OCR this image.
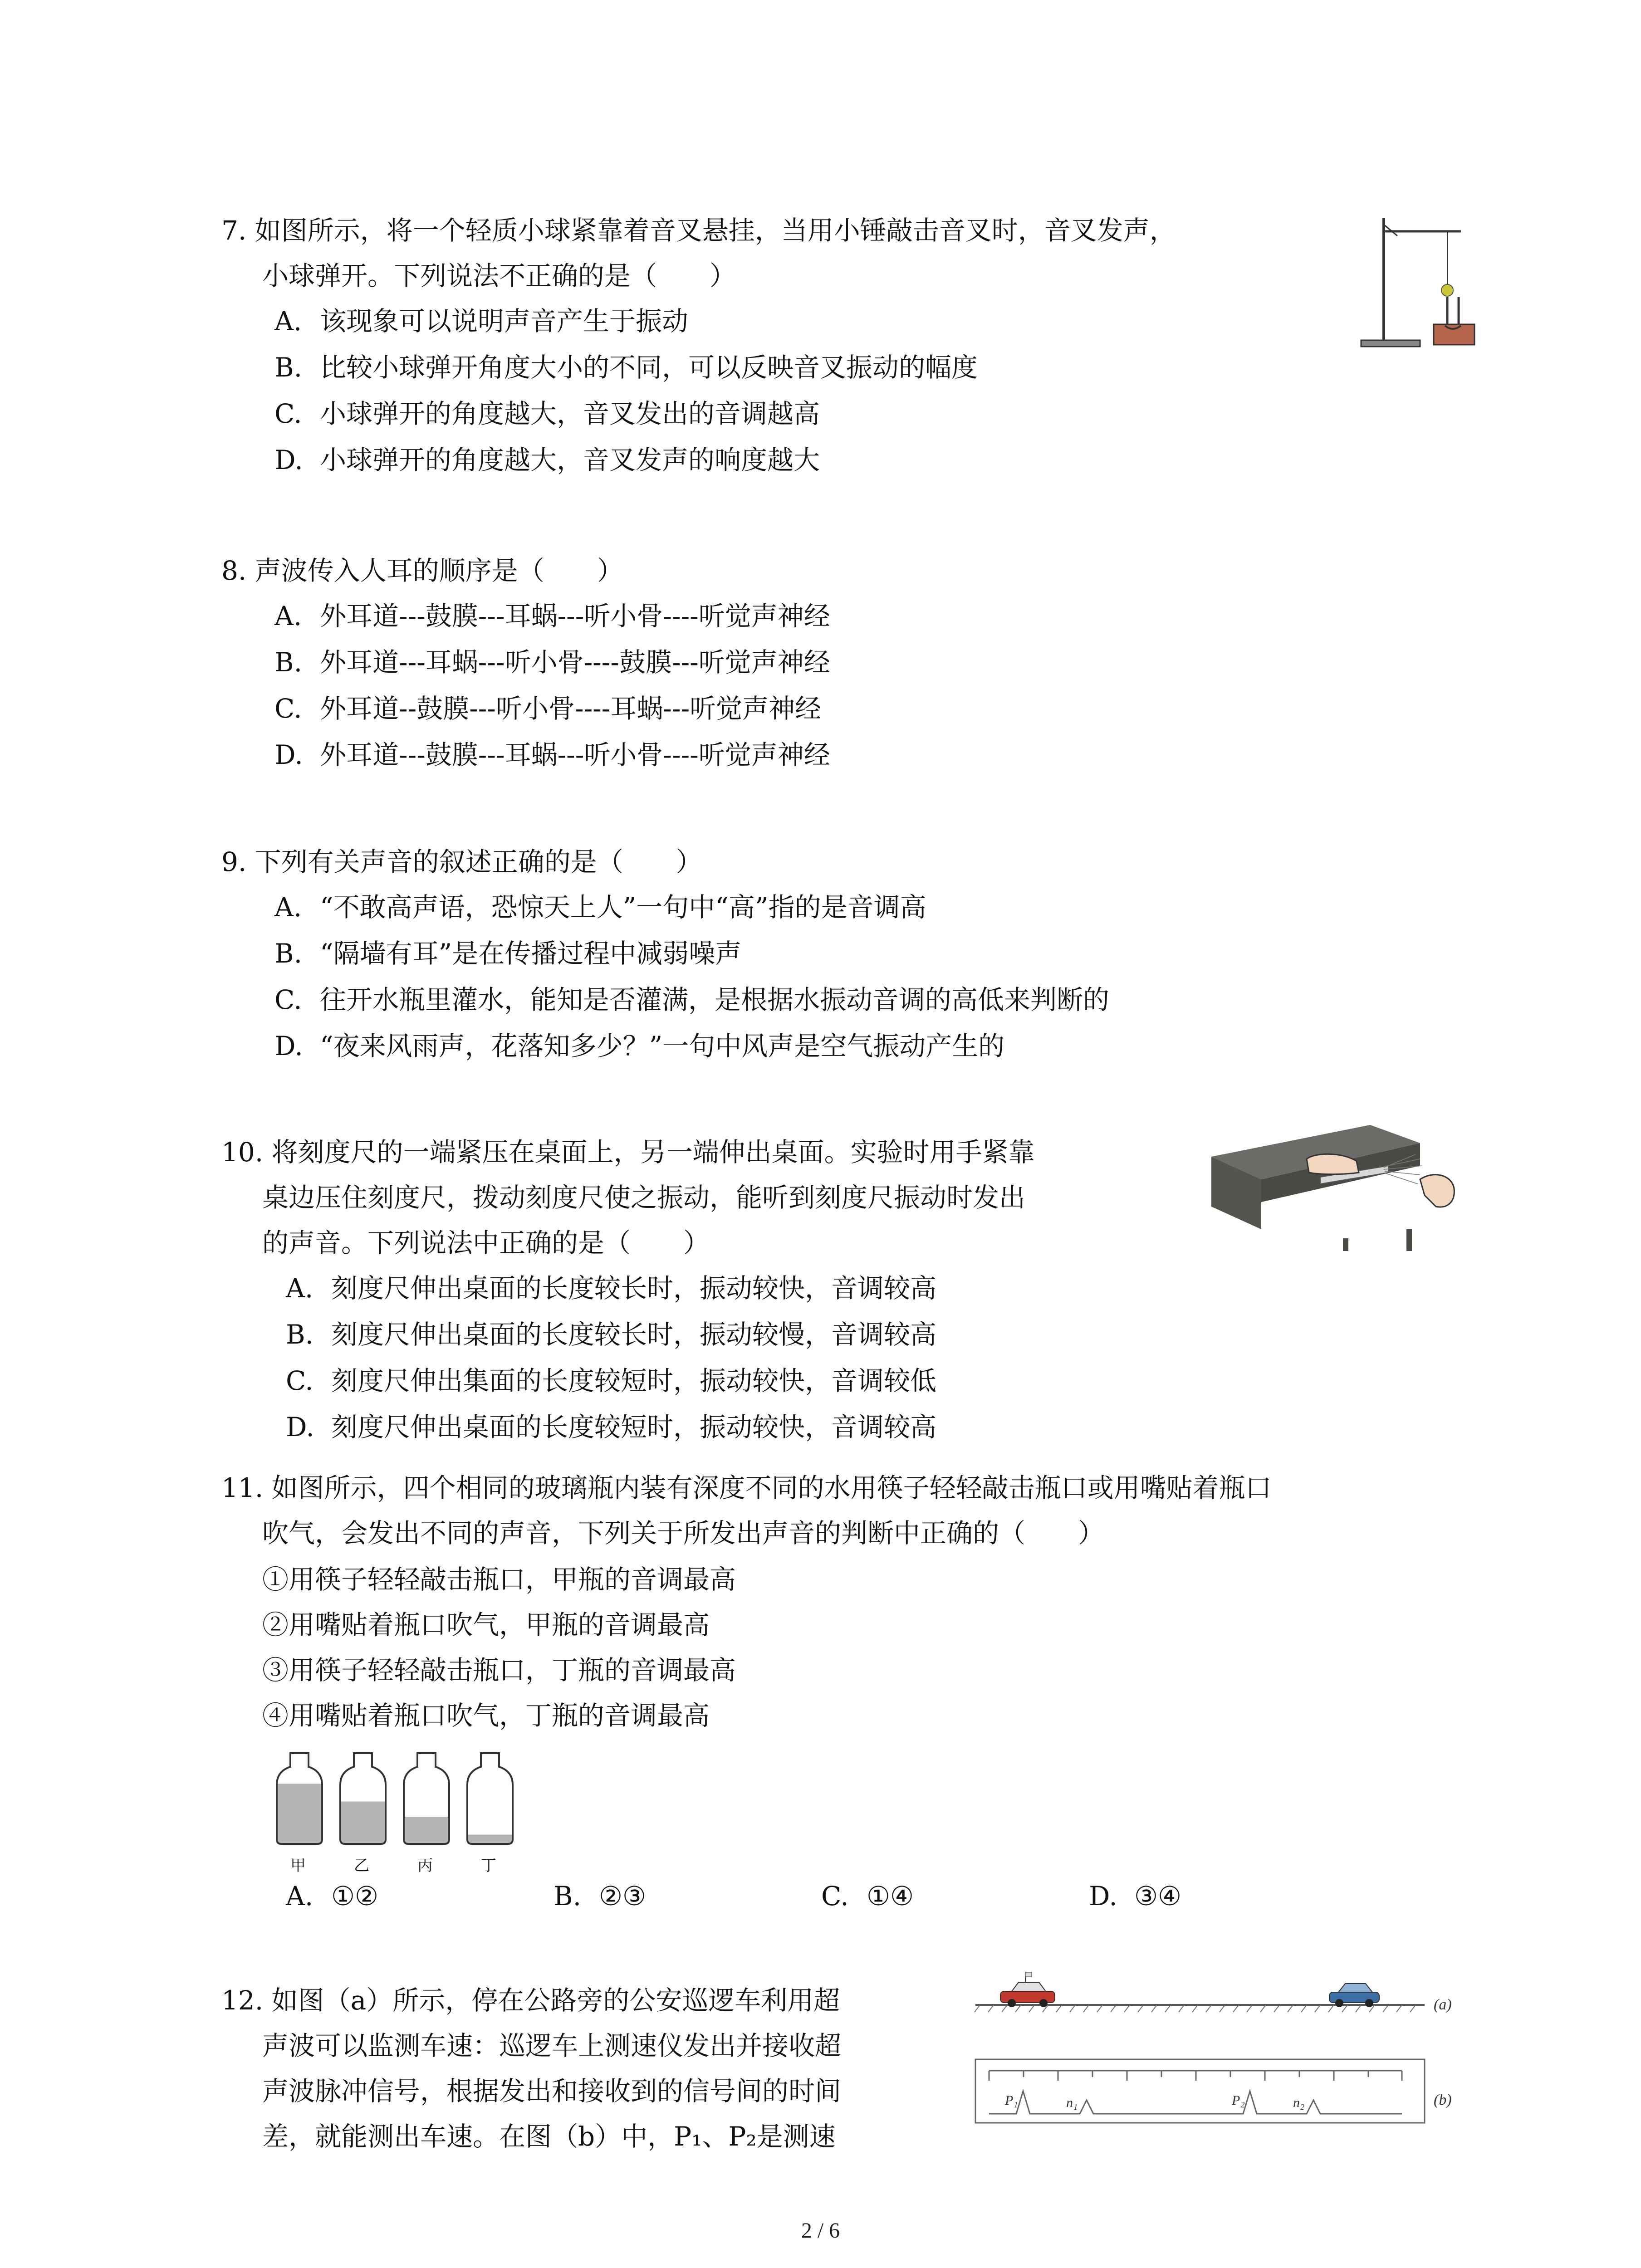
7. 如图所示，将一个轻质小球紧靠着音叉悬挂，当用小锤敲击音叉时，音叉发声，
小球弹开。下列说法不正确的是（　　）
A. 该现象可以说明声音产生于振动
B. 比较小球弹开角度大小的不同，可以反映音叉振动的幅度
C. 小球弹开的角度越大，音叉发出的音调越高
D. 小球弹开的角度越大，音叉发声的响度越大
8. 声波传入人耳的顺序是（　　）
A. 外耳道---鼓膜---耳蜗---听小骨----听觉声神经
B. 外耳道---耳蜗---听小骨----鼓膜---听觉声神经
C. 外耳道--鼓膜---听小骨----耳蜗---听觉声神经
D. 外耳道---鼓膜---耳蜗---听小骨----听觉声神经
9. 下列有关声音的叙述正确的是（　　）
A. “不敢高声语，恐惊天上人”一句中“高”指的是音调高
B. “隔墙有耳”是在传播过程中减弱噪声
C. 往开水瓶里灌水，能知是否灌满，是根据水振动音调的高低来判断的
D. “夜来风雨声，花落知多少？”一句中风声是空气振动产生的
10. 将刻度尺的一端紧压在桌面上，另一端伸出桌面。实验时用手紧靠
桌边压住刻度尺，拨动刻度尺使之振动，能听到刻度尺振动时发出
的声音。下列说法中正确的是（　　）
A. 刻度尺伸出桌面的长度较长时，振动较快，音调较高
B. 刻度尺伸出桌面的长度较长时，振动较慢，音调较高
C. 刻度尺伸出集面的长度较短时，振动较快，音调较低
D. 刻度尺伸出桌面的长度较短时，振动较快，音调较高
11. 如图所示，四个相同的玻璃瓶内装有深度不同的水用筷子轻轻敲击瓶口或用嘴贴着瓶口
吹气，会发出不同的声音，下列关于所发出声音的判断中正确的（　　）
①用筷子轻轻敲击瓶口，甲瓶的音调最高
②用嘴贴着瓶口吹气，甲瓶的音调最高
③用筷子轻轻敲击瓶口，丁瓶的音调最高
④用嘴贴着瓶口吹气，丁瓶的音调最高
甲	乙	丙	丁
A. ①②	B. ②③	C. ①④	D. ③④
12. 如图（a）所示，停在公路旁的公安巡逻车利用超
声波可以监测车速：巡逻车上测速仪发出并接收超
声波脉冲信号，根据发出和接收到的信号间的时间
差，就能测出车速。在图（b）中，P₁、P₂是测速
(a)
P₁	n₁	P₂	n₂	(b)
2 / 6
